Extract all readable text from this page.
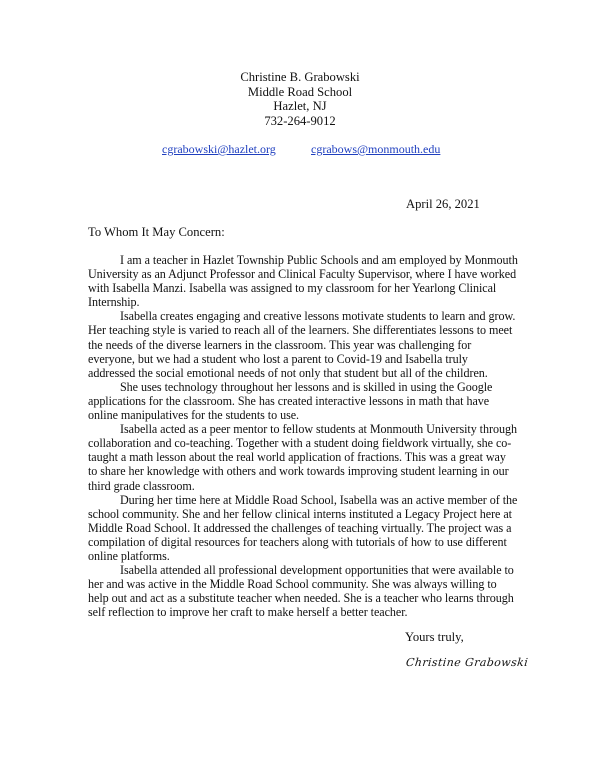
Christine B. Grabowski
Middle Road School
Hazlet, NJ
732-264-9012
cgrabowski@hazlet.org	cgrabows@monmouth.edu
April 26, 2021
To Whom It May Concern:

I am a teacher in Hazlet Township Public Schools and am employed by Monmouth University as an Adjunct Professor and Clinical Faculty Supervisor, where I have worked with Isabella Manzi. Isabella was assigned to my classroom for her Yearlong Clinical Internship.

Isabella creates engaging and creative lessons motivate students to learn and grow. Her teaching style is varied to reach all of the learners. She differentiates lessons to meet the needs of the diverse learners in the classroom. This year was challenging for everyone, but we had a student who lost a parent to Covid-19 and Isabella truly addressed the social emotional needs of not only that student but all of the children.

She uses technology throughout her lessons and is skilled in using the Google applications for the classroom. She has created interactive lessons in math that have online manipulatives for the students to use.

Isabella acted as a peer mentor to fellow students at Monmouth University through collaboration and co-teaching. Together with a student doing fieldwork virtually, she co-taught a math lesson about the real world application of fractions. This was a great way to share her knowledge with others and work towards improving student learning in our third grade classroom.

During her time here at Middle Road School, Isabella was an active member of the school community. She and her fellow clinical interns instituted a Legacy Project here at Middle Road School. It addressed the challenges of teaching virtually. The project was a compilation of digital resources for teachers along with tutorials of how to use different online platforms.

Isabella attended all professional development opportunities that were available to her and was active in the Middle Road School community. She was always willing to help out and act as a substitute teacher when needed. She is a teacher who learns through self reflection to improve her craft to make herself a better teacher.

Yours truly,
Christine Grabowski
